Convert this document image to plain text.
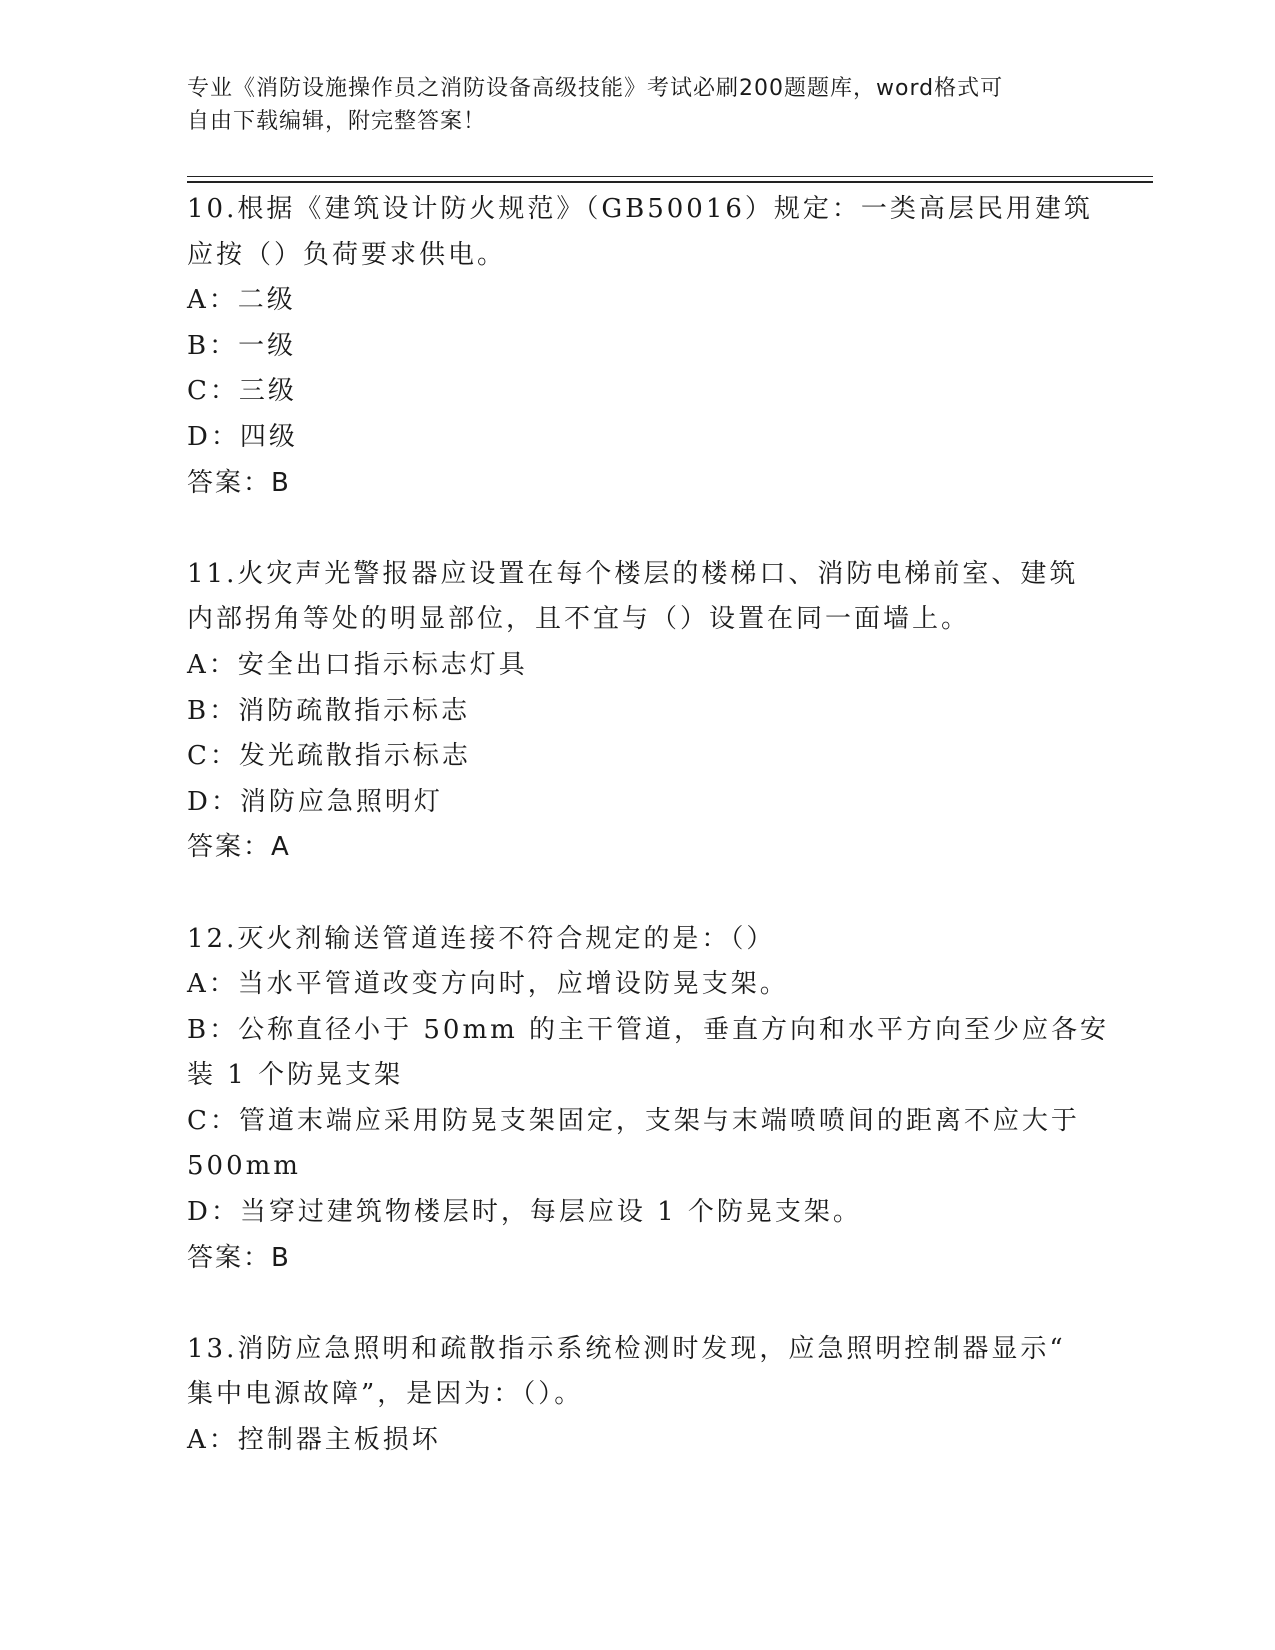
专业《消防设施操作员之消防设备高级技能》考试必刷200题题库，word格式可
自由下载编辑，附完整答案！
10.根据《建筑设计防火规范》（GB50016）规定：一类高层民用建筑
应按（）负荷要求供电。
A：二级
B：一级
C：三级
D：四级
答案：B
11.火灾声光警报器应设置在每个楼层的楼梯口、消防电梯前室、建筑
内部拐角等处的明显部位，且不宜与（）设置在同一面墙上。
A：安全出口指示标志灯具
B：消防疏散指示标志
C：发光疏散指示标志
D：消防应急照明灯
答案：A
12.灭火剂输送管道连接不符合规定的是：（）
A：当水平管道改变方向时，应增设防晃支架。
B：公称直径小于 50mm 的主干管道，垂直方向和水平方向至少应各安
装 1 个防晃支架
C：管道末端应采用防晃支架固定，支架与末端喷喷间的距离不应大于
500mm
D：当穿过建筑物楼层时，每层应设 1 个防晃支架。
答案：B
13.消防应急照明和疏散指示系统检测时发现，应急照明控制器显示“
集中电源故障”，是因为：（）。
A：控制器主板损坏
